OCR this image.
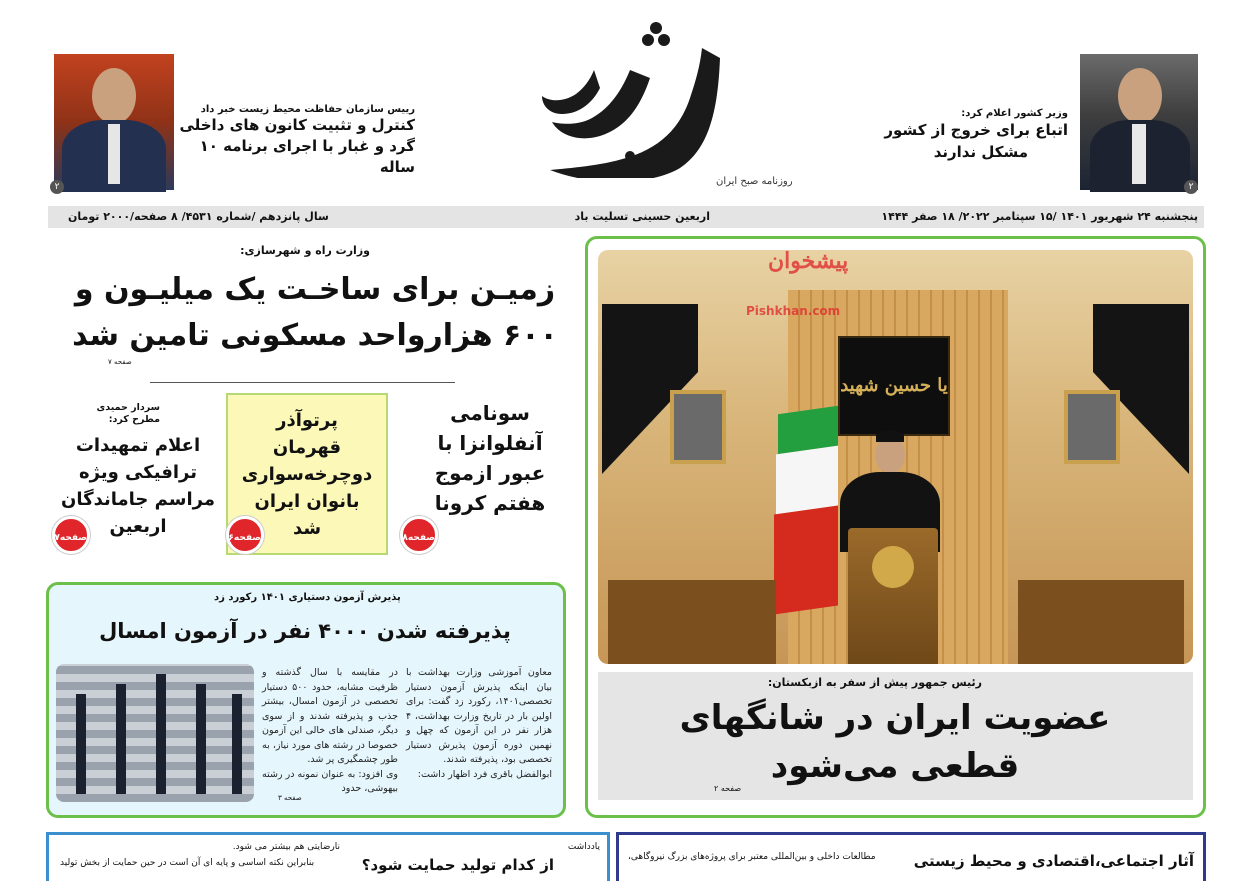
۲
وزیر کشور اعلام کرد:
اتباع برای خروج از کشور
مشکل ندارند
روزنامه صبح ایران
رییس سازمان حفاظت محیط زیست خبر داد
کنترل و تثبیت کانون های داخلی
گرد و غبار با اجرای برنامه ۱۰ ساله
۲
پنجشنبه ۲۴ شهریور ۱۴۰۱ /۱۵ سپتامبر ۲۰۲۲/ ۱۸ صفر ۱۴۴۴
اربعین حسینی تسلیت باد
سال پانزدهم /شماره ۴۵۳۱/ ۸ صفحه/۲۰۰۰ تومان
یا حسین شهید
پیشخوان
Pishkhan.com
رئیس جمهور پیش از سفر به ازبکستان:
عضویت ایران در شانگهای
قطعی می‌شود
صفحه ۲
وزارت راه و شهرسازی:
زمیـن برای ساخـت یک میلیـون و
۶۰۰ هزارواحد مسکونی تامین شد
صفحه ۷
سونامی
آنفلوانزا با
عبور ازموج
هفتم کرونا
صفحه۸
پرتوآذر
قهرمان
دوچرخه‌سواری
بانوان ایران
شد
صفحه۶
سردار حمیدی
مطرح کرد:
اعلام تمهیدات
ترافیکی ویژه
مراسم جاماندگان
اربعین
صفحه۷
پذیرش آزمون دستیاری ۱۴۰۱ رکورد زد
پذیرفته شدن ۴۰۰۰ نفر در آزمون امسال
معاون آموزشی وزارت بهداشت با بیان اینکه پذیرش آزمون دستیار تخصصی۱۴۰۱، رکورد زد گفت: برای اولین بار در تاریخ وزارت بهداشت، ۴ هزار نفر در این آزمون که چهل و نهمین دوره آزمون پذیرش دستیار تخصصی بود، پذیرفته شدند.
ابوالفضل باقری فرد اظهار داشت:
در مقایسه با سال گذشته و ظرفیت مشابه، حدود ۵۰۰ دستیار تخصصی در آزمون امسال، بیشتر جذب و پذیرفته شدند و از سوی دیگر، صندلی های خالی این آزمون خصوصا در رشته های مورد نیاز، به طور چشمگیری پر شد.
وی افزود: به عنوان نمونه در رشته بیهوشی، حدود
صفحه ۳
یادداشت
از کدام تولید حمایت شود؟
نارضایتی هم بیشتر می شود.
بنابراین نکته اساسی و پایه ای آن است در حین حمایت از بخش تولید	آثار اجتماعی،اقتصادی و محیط زیستی
مطالعات داخلی و بین‌المللی معتبر برای پروژه‌های بزرگ نیروگاهی،
